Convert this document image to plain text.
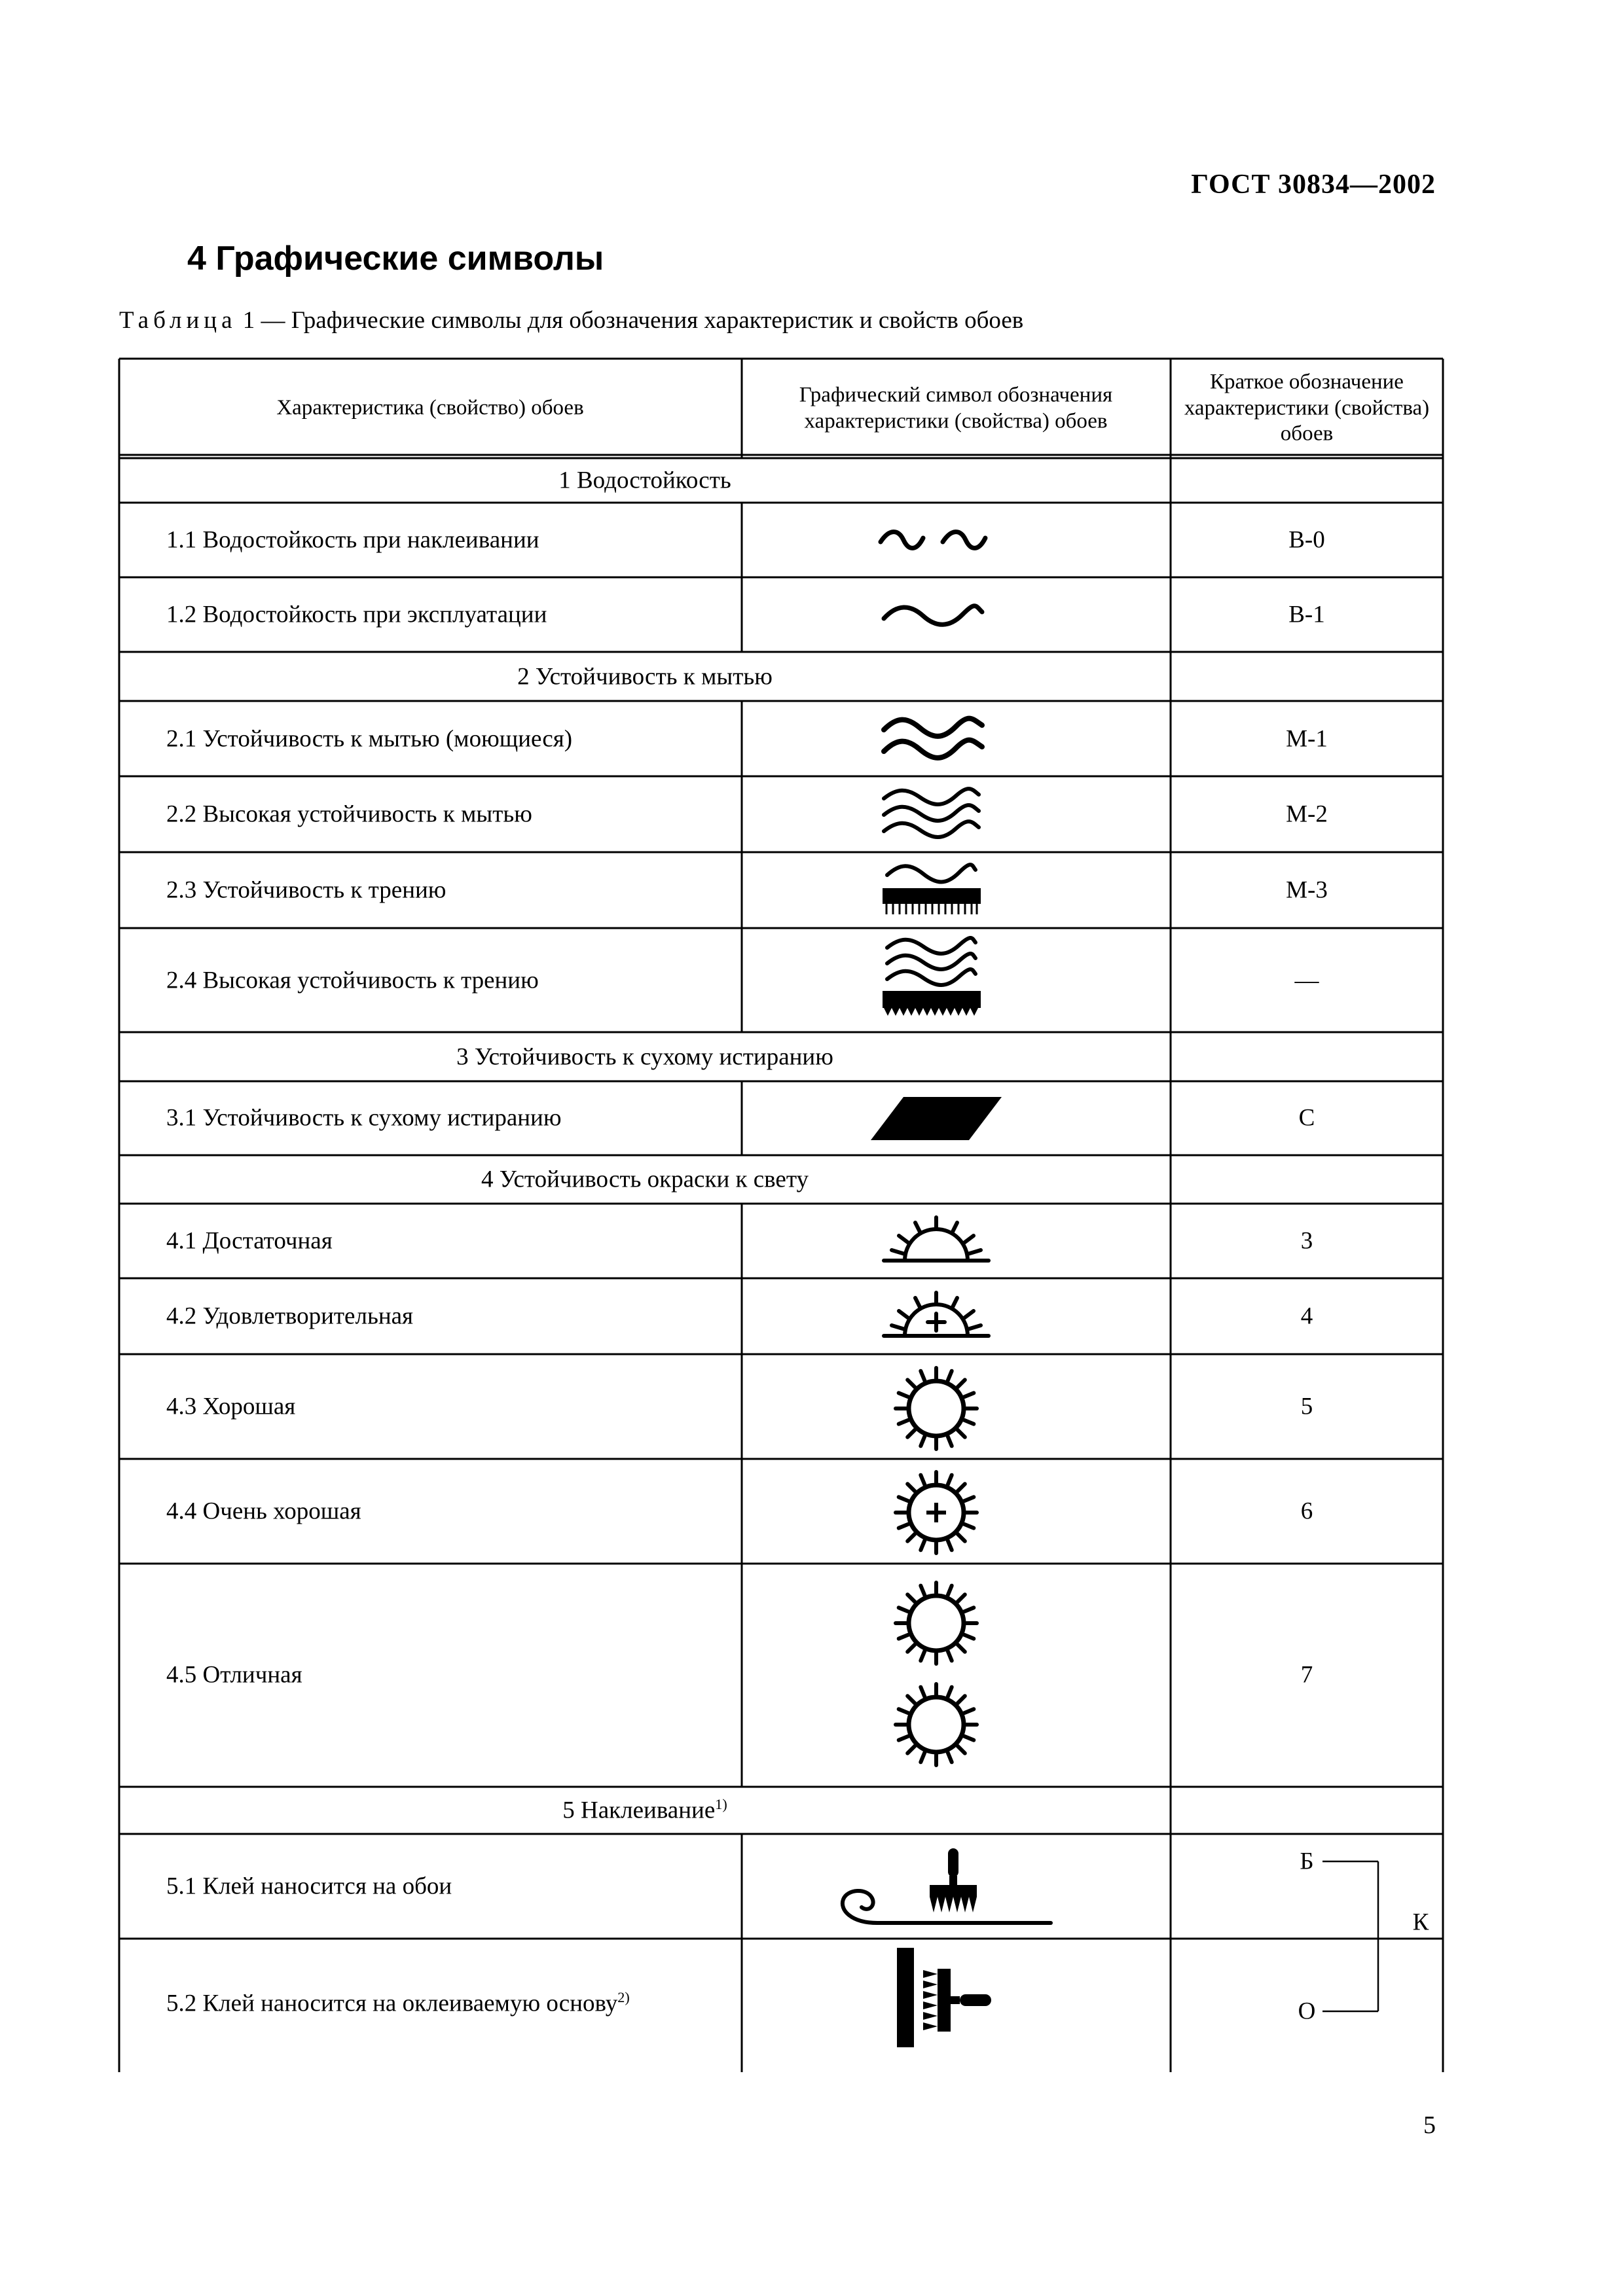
ГОСТ 30834—2002
4 Графические символы
Таблица 1 — Графические символы для обозначения характеристик и свойств обоев
Характеристика (свойство) обоев
Графический символ обозначения характеристики (свойства) обоев
Краткое обозначение характеристики (свойства) обоев
1 Водостойкость
2 Устойчивость к мытью
3 Устойчивость к сухому истиранию
4 Устойчивость окраски к свету
5 Наклеивание$^{1)}$
1.1 Водостойкость при наклеивании
1.2 Водостойкость при эксплуатации
2.1 Устойчивость к мытью (моющиеся)
2.2 Высокая устойчивость к мытью
2.3 Устойчивость к трению
2.4 Высокая устойчивость к трению
3.1 Устойчивость к сухому истиранию
4.1 Достаточная
4.2 Удовлетворительная
4.3 Хорошая
4.4 Очень хорошая
4.5 Отличная
5.1 Клей наносится на обои
5.2 Клей наносится на оклеиваемую основу$^{2)}$
В-0
В-1
М-1
М-2
М-3
—
С
3
4
5
6
7
Б
О
К
5
